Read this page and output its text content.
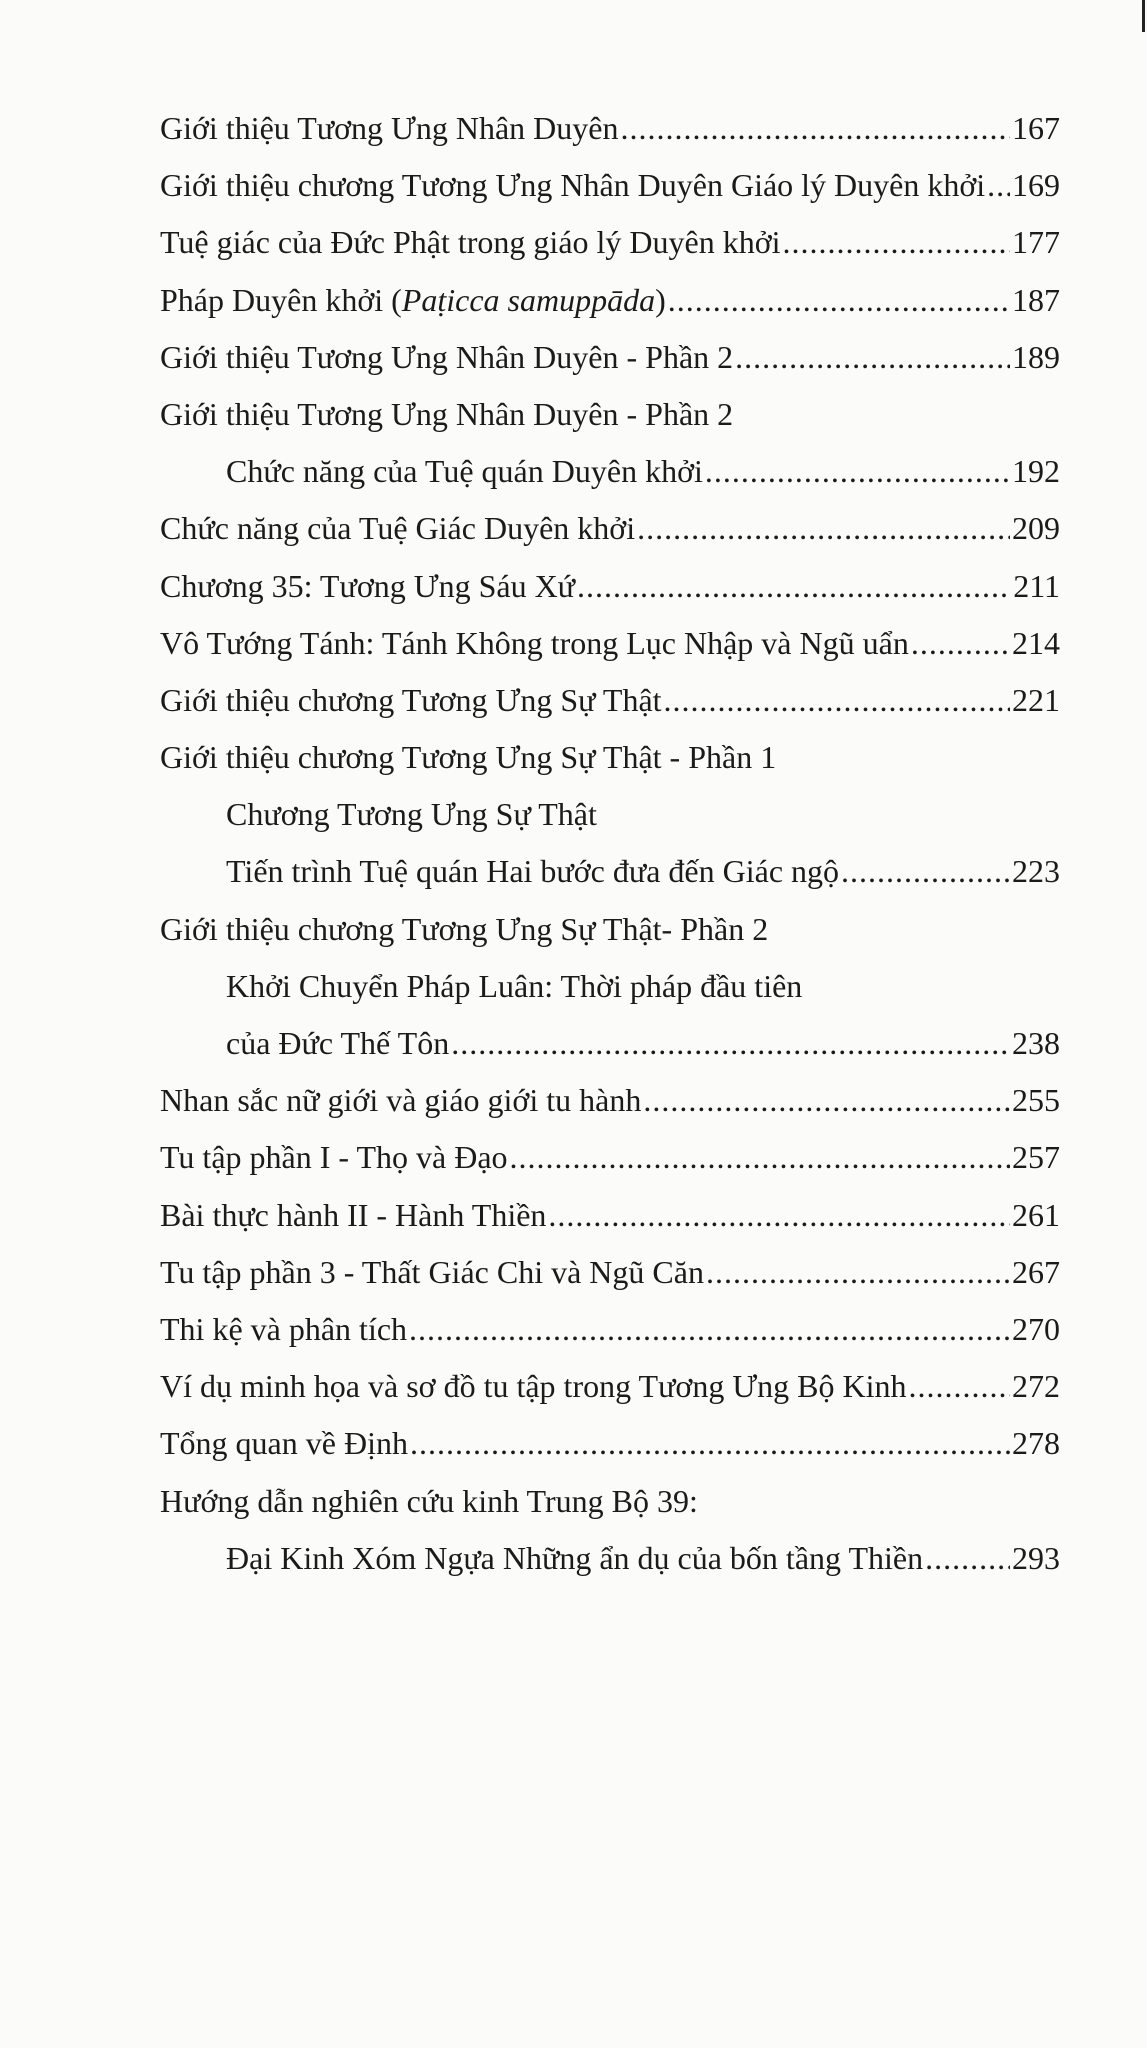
Giới thiệu Tương Ưng Nhân Duyên .....	167
Giới thiệu chương Tương Ưng Nhân Duyên Giáo lý Duyên khởi ..... 169
Tuệ giác của Đức Phật trong giáo lý Duyên khởi .....	177
Pháp Duyên khởi (Paṭicca samuppāda) .....	187
Giới thiệu Tương Ưng Nhân Duyên - Phần 2 .....	189
Giới thiệu Tương Ưng Nhân Duyên - Phần 2
Chức năng của Tuệ quán Duyên khởi .....	192
Chức năng của Tuệ Giác Duyên khởi .....	209
Chương 35: Tương Ưng Sáu Xứ .....	211
Vô Tướng Tánh: Tánh Không trong Lục Nhập và Ngũ uẩn .....	214
Giới thiệu chương Tương Ưng Sự Thật .....	221
Giới thiệu chương Tương Ưng Sự Thật - Phần 1
Chương Tương Ưng Sự Thật
Tiến trình Tuệ quán Hai bước đưa đến Giác ngộ .....	223
Giới thiệu chương Tương Ưng Sự Thật- Phần 2
Khởi Chuyển Pháp Luân: Thời pháp đầu tiên
của Đức Thế Tôn .....	238
Nhan sắc nữ giới và giáo giới tu hành .....	255
Tu tập phần I - Thọ và Đạo .....	257
Bài thực hành II - Hành Thiền .....	261
Tu tập phần 3 - Thất Giác Chi và Ngũ Căn .....	267
Thi kệ và phân tích .....	270
Ví dụ minh họa và sơ đồ tu tập trong Tương Ưng Bộ Kinh .....	272
Tổng quan về Định .....	278
Hướng dẫn nghiên cứu kinh Trung Bộ 39:
Đại Kinh Xóm Ngựa Những ẩn dụ của bốn tầng Thiền .....	293
